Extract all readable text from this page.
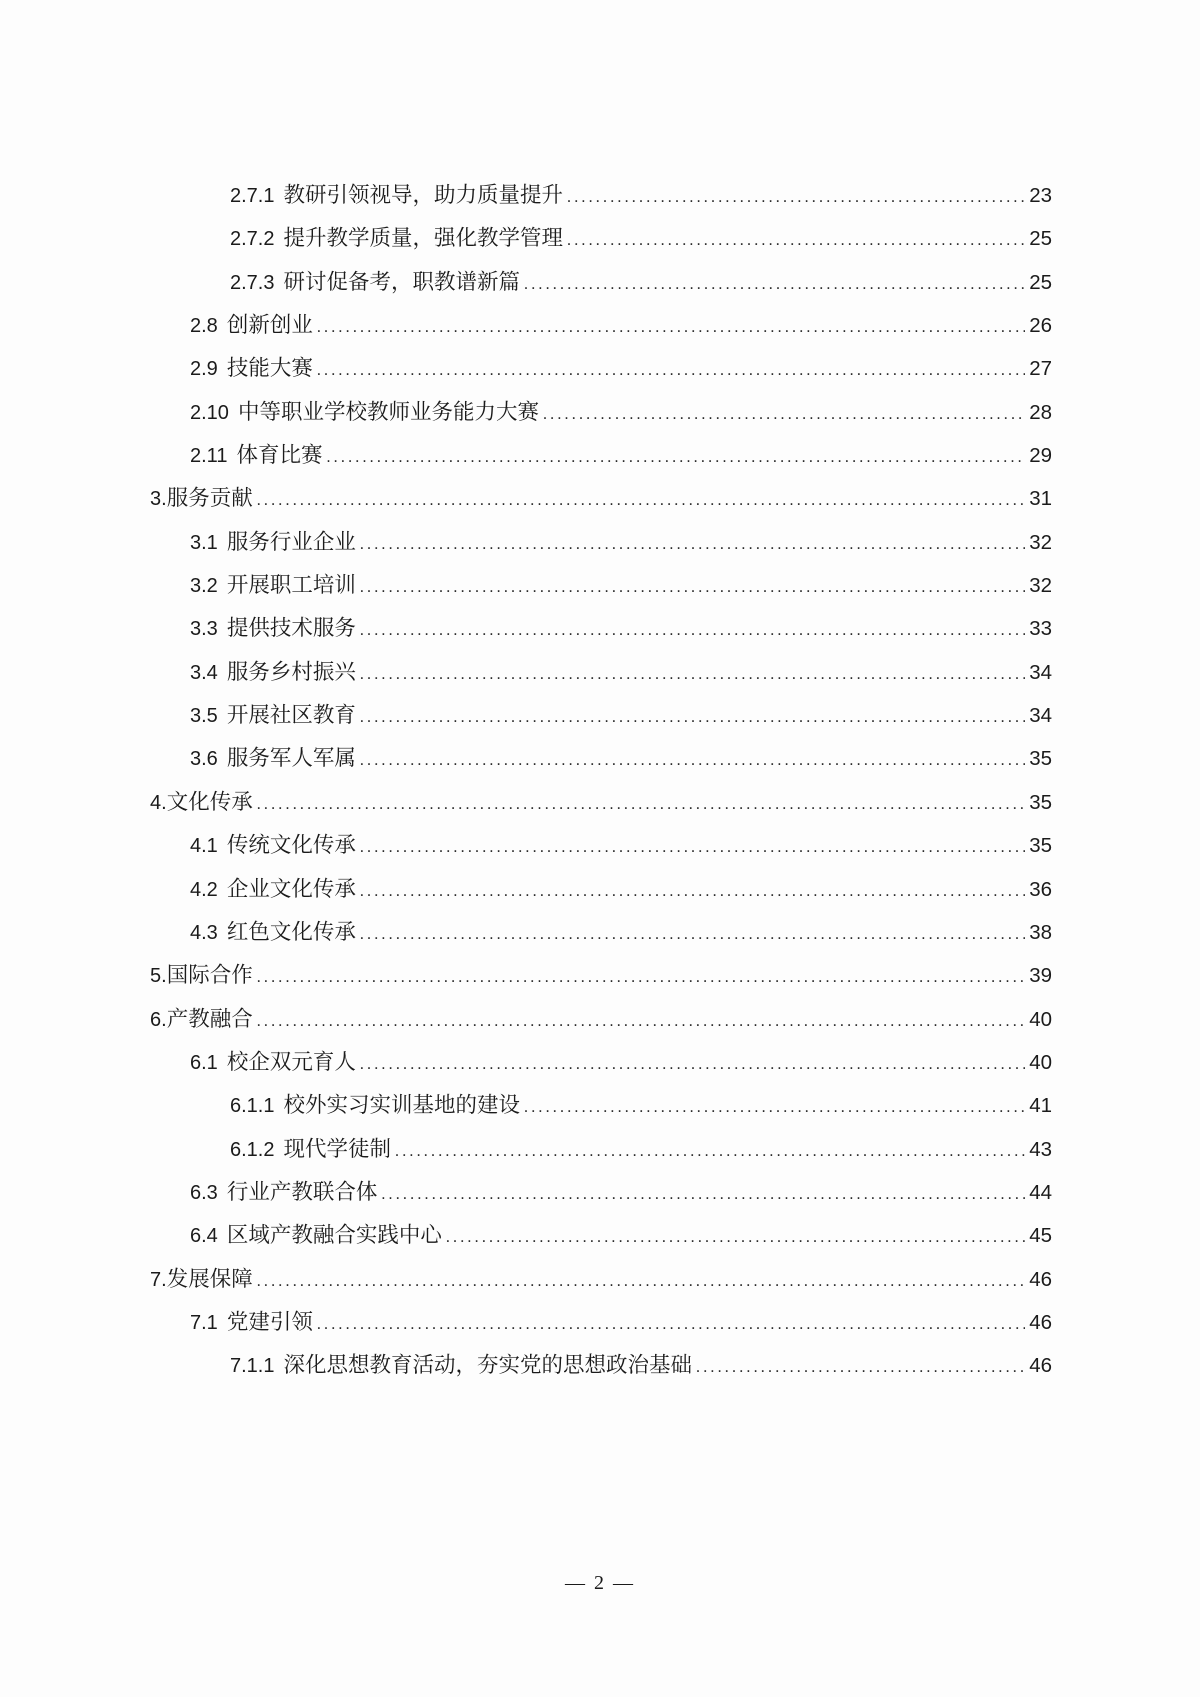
2.7.1 教研引领视导，助力质量提升 .....	23
2.7.2 提升教学质量，强化教学管理 .....	25
2.7.3 研讨促备考，职教谱新篇 .....	25
2.8 创新创业 .....	26
2.9 技能大赛 .....	27
2.10 中等职业学校教师业务能力大赛 .....	28
2.11 体育比赛 .....	29
3. 服务贡献 .....	31
3.1 服务行业企业 .....	32
3.2 开展职工培训 .....	32
3.3 提供技术服务 .....	33
3.4 服务乡村振兴 .....	34
3.5 开展社区教育 .....	34
3.6 服务军人军属 .....	35
4. 文化传承 .....	35
4.1 传统文化传承 .....	35
4.2 企业文化传承 .....	36
4.3 红色文化传承 .....	38
5. 国际合作 .....	39
6. 产教融合 .....	40
6.1 校企双元育人 .....	40
6.1.1 校外实习实训基地的建设 .....	41
6.1.2 现代学徒制 .....	43
6.3 行业产教联合体 .....	44
6.4 区域产教融合实践中心 .....	45
7. 发展保障 .....	46
7.1 党建引领 .....	46
7.1.1 深化思想教育活动，夯实党的思想政治基础 .....	46
— 2 —
